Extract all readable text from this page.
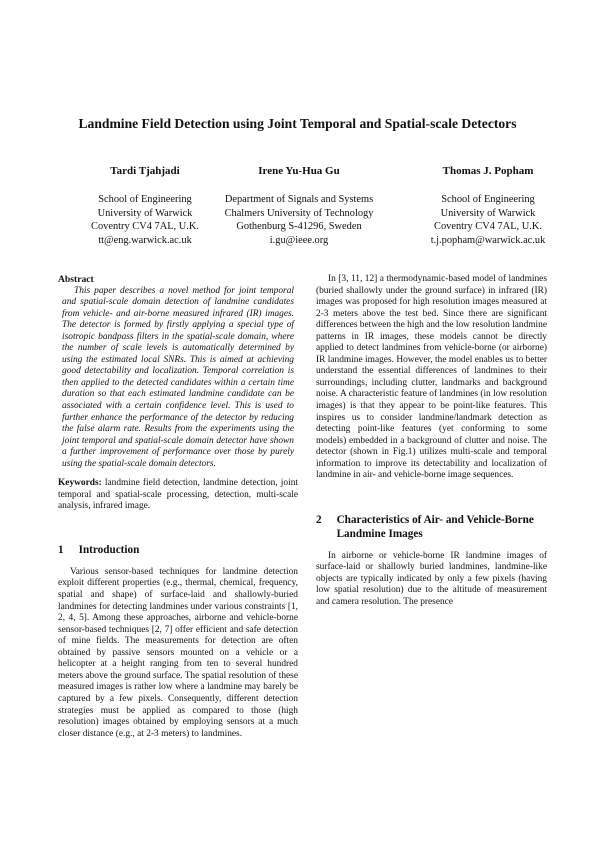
Landmine Field Detection using Joint Temporal and Spatial-scale Detectors
Tardi Tjahjadi
School of Engineering
University of Warwick
Coventry CV4 7AL, U.K.
tt@eng.warwick.ac.uk
Irene Yu-Hua Gu
Department of Signals and Systems
Chalmers University of Technology
Gothenburg S-41296, Sweden
i.gu@ieee.org
Thomas J. Popham
School of Engineering
University of Warwick
Coventry CV4 7AL, U.K.
t.j.popham@warwick.ac.uk

Abstract

This paper describes a novel method for joint temporal and spatial-scale domain detection of landmine candidates from vehicle- and air-borne measured infrared (IR) images. The detector is formed by firstly applying a special type of isotropic bandpass filters in the spatial-scale domain, where the number of scale levels is automatically determined by using the estimated local SNRs. This is aimed at achieving good detectability and localization. Temporal correlation is then applied to the detected candidates within a certain time duration so that each estimated landmine candidate can be associated with a certain confidence level. This is used to further enhance the performance of the detector by reducing the false alarm rate. Results from the experiments using the joint temporal and spatial-scale domain detector have shown a further improvement of performance over those by purely using the spatial-scale domain detectors.

Keywords: landmine field detection, landmine detection, joint temporal and spatial-scale processing, detection, multi-scale analysis, infrared image.

1 Introduction

Various sensor-based techniques for landmine detection exploit different properties (e.g., thermal, chemical, frequency, spatial and shape) of surface-laid and shallowly-buried landmines for detecting landmines under various constraints [1, 2, 4, 5]. Among these approaches, airborne and vehicle-borne sensor-based techniques [2, 7] offer efficient and safe detection of mine fields. The measurements for detection are often obtained by passive sensors mounted on a vehicle or a helicopter at a height ranging from ten to several hundred meters above the ground surface. The spatial resolution of these measured images is rather low where a landmine may barely be captured by a few pixels. Consequently, different detection strategies must be applied as compared to those (high resolution) images obtained by employing sensors at a much closer distance (e.g., at 2-3 meters) to landmines.

In [3, 11, 12] a thermodynamic-based model of landmines (buried shallowly under the ground surface) in infrared (IR) images was proposed for high resolution images measured at 2-3 meters above the test bed. Since there are significant differences between the high and the low resolution landmine patterns in IR images, these models cannot be directly applied to detect landmines from vehicle-borne (or airborne) IR landmine images. However, the model enables us to better understand the essential differences of landmines to their surroundings, including clutter, landmarks and background noise. A characteristic feature of landmines (in low resolution images) is that they appear to be point-like features. This inspires us to consider landmine/landmark detection as detecting point-like features (yet conforming to some models) embedded in a background of clutter and noise. The detector (shown in Fig.1) utilizes multi-scale and temporal information to improve its detectability and localization of landmine in air- and vehicle-borne image sequences.

2 Characteristics of Air- and Vehicle-Borne Landmine Images

In airborne or vehicle-borne IR landmine images of surface-laid or shallowly buried landmines, landmine-like objects are typically indicated by only a few pixels (having low spatial resolution) due to the altitude of measurement and camera resolution. The presence
